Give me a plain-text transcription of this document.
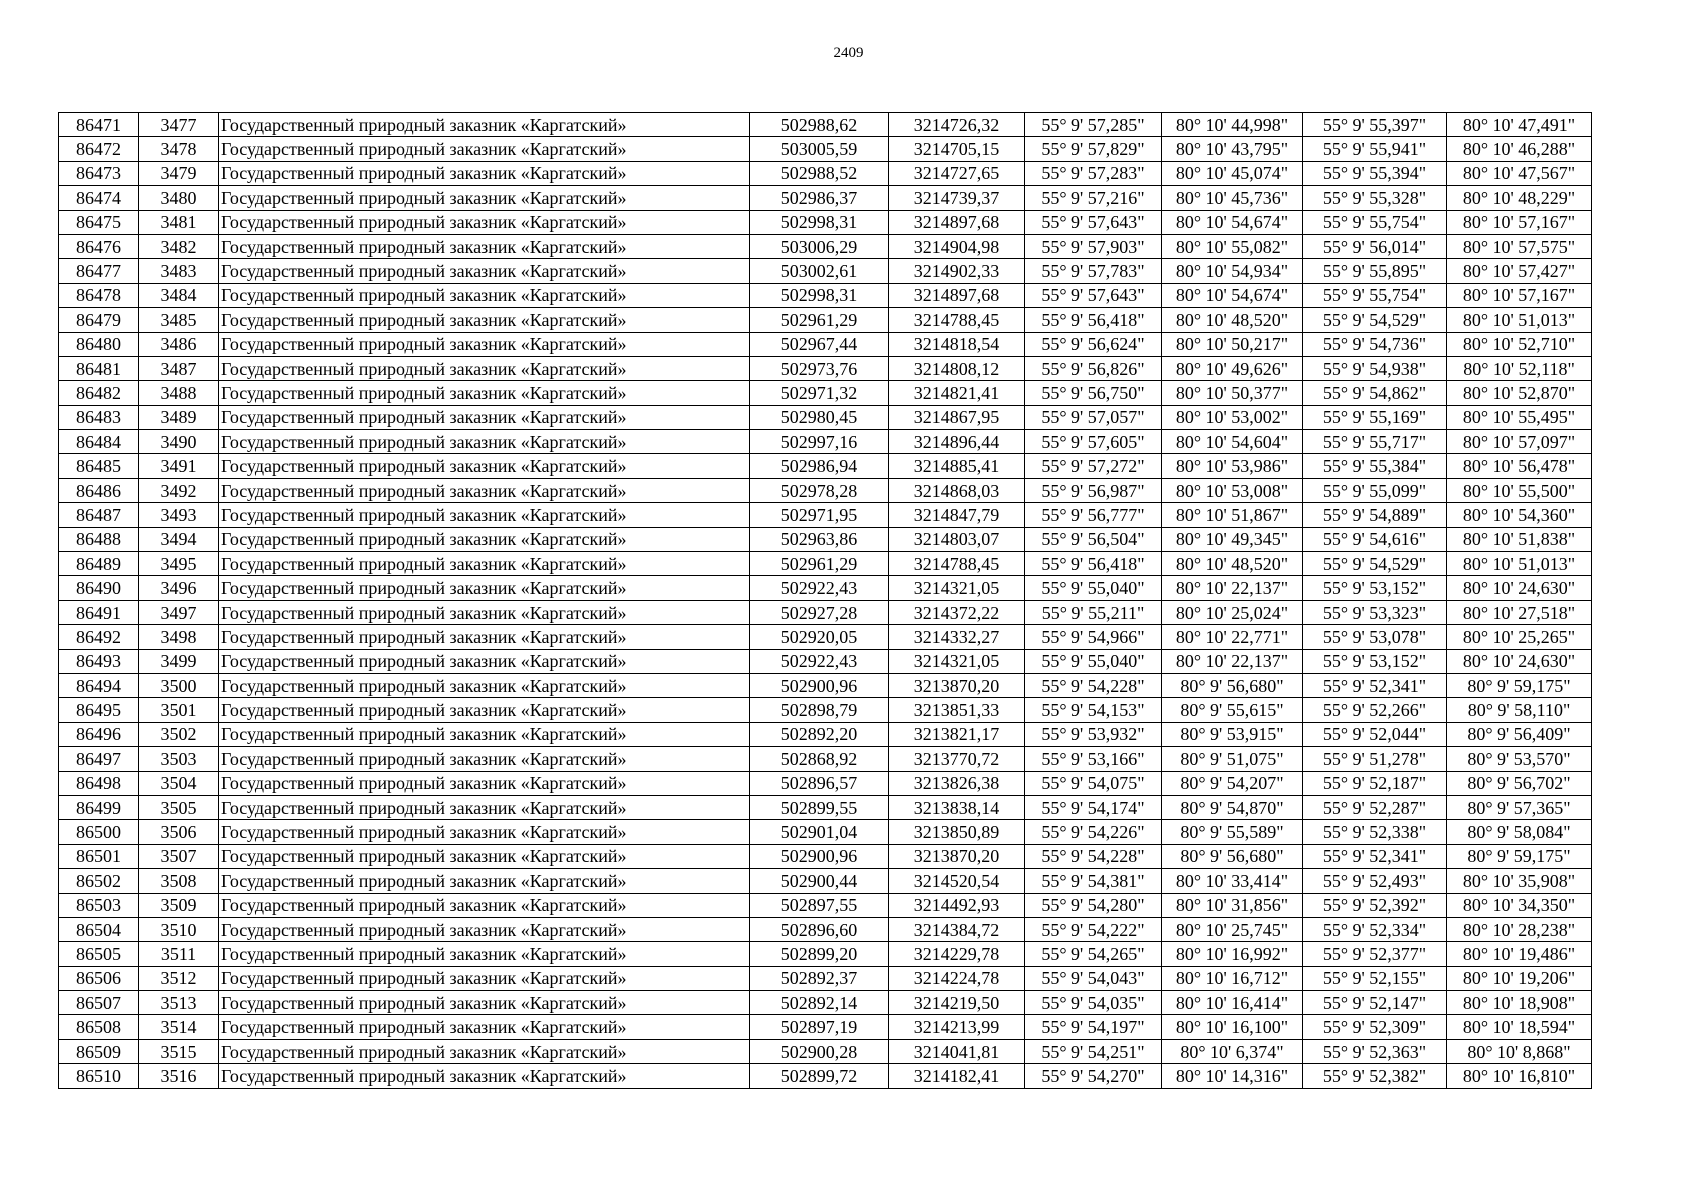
2409
86471	3477	Государственный природный заказник «Каргатский»	502988,62	3214726,32	55° 9' 57,285"	80° 10' 44,998"	55° 9' 55,397"	80° 10' 47,491"
86472	3478	Государственный природный заказник «Каргатский»	503005,59	3214705,15	55° 9' 57,829"	80° 10' 43,795"	55° 9' 55,941"	80° 10' 46,288"
86473	3479	Государственный природный заказник «Каргатский»	502988,52	3214727,65	55° 9' 57,283"	80° 10' 45,074"	55° 9' 55,394"	80° 10' 47,567"
86474	3480	Государственный природный заказник «Каргатский»	502986,37	3214739,37	55° 9' 57,216"	80° 10' 45,736"	55° 9' 55,328"	80° 10' 48,229"
86475	3481	Государственный природный заказник «Каргатский»	502998,31	3214897,68	55° 9' 57,643"	80° 10' 54,674"	55° 9' 55,754"	80° 10' 57,167"
86476	3482	Государственный природный заказник «Каргатский»	503006,29	3214904,98	55° 9' 57,903"	80° 10' 55,082"	55° 9' 56,014"	80° 10' 57,575"
86477	3483	Государственный природный заказник «Каргатский»	503002,61	3214902,33	55° 9' 57,783"	80° 10' 54,934"	55° 9' 55,895"	80° 10' 57,427"
86478	3484	Государственный природный заказник «Каргатский»	502998,31	3214897,68	55° 9' 57,643"	80° 10' 54,674"	55° 9' 55,754"	80° 10' 57,167"
86479	3485	Государственный природный заказник «Каргатский»	502961,29	3214788,45	55° 9' 56,418"	80° 10' 48,520"	55° 9' 54,529"	80° 10' 51,013"
86480	3486	Государственный природный заказник «Каргатский»	502967,44	3214818,54	55° 9' 56,624"	80° 10' 50,217"	55° 9' 54,736"	80° 10' 52,710"
86481	3487	Государственный природный заказник «Каргатский»	502973,76	3214808,12	55° 9' 56,826"	80° 10' 49,626"	55° 9' 54,938"	80° 10' 52,118"
86482	3488	Государственный природный заказник «Каргатский»	502971,32	3214821,41	55° 9' 56,750"	80° 10' 50,377"	55° 9' 54,862"	80° 10' 52,870"
86483	3489	Государственный природный заказник «Каргатский»	502980,45	3214867,95	55° 9' 57,057"	80° 10' 53,002"	55° 9' 55,169"	80° 10' 55,495"
86484	3490	Государственный природный заказник «Каргатский»	502997,16	3214896,44	55° 9' 57,605"	80° 10' 54,604"	55° 9' 55,717"	80° 10' 57,097"
86485	3491	Государственный природный заказник «Каргатский»	502986,94	3214885,41	55° 9' 57,272"	80° 10' 53,986"	55° 9' 55,384"	80° 10' 56,478"
86486	3492	Государственный природный заказник «Каргатский»	502978,28	3214868,03	55° 9' 56,987"	80° 10' 53,008"	55° 9' 55,099"	80° 10' 55,500"
86487	3493	Государственный природный заказник «Каргатский»	502971,95	3214847,79	55° 9' 56,777"	80° 10' 51,867"	55° 9' 54,889"	80° 10' 54,360"
86488	3494	Государственный природный заказник «Каргатский»	502963,86	3214803,07	55° 9' 56,504"	80° 10' 49,345"	55° 9' 54,616"	80° 10' 51,838"
86489	3495	Государственный природный заказник «Каргатский»	502961,29	3214788,45	55° 9' 56,418"	80° 10' 48,520"	55° 9' 54,529"	80° 10' 51,013"
86490	3496	Государственный природный заказник «Каргатский»	502922,43	3214321,05	55° 9' 55,040"	80° 10' 22,137"	55° 9' 53,152"	80° 10' 24,630"
86491	3497	Государственный природный заказник «Каргатский»	502927,28	3214372,22	55° 9' 55,211"	80° 10' 25,024"	55° 9' 53,323"	80° 10' 27,518"
86492	3498	Государственный природный заказник «Каргатский»	502920,05	3214332,27	55° 9' 54,966"	80° 10' 22,771"	55° 9' 53,078"	80° 10' 25,265"
86493	3499	Государственный природный заказник «Каргатский»	502922,43	3214321,05	55° 9' 55,040"	80° 10' 22,137"	55° 9' 53,152"	80° 10' 24,630"
86494	3500	Государственный природный заказник «Каргатский»	502900,96	3213870,20	55° 9' 54,228"	80° 9' 56,680"	55° 9' 52,341"	80° 9' 59,175"
86495	3501	Государственный природный заказник «Каргатский»	502898,79	3213851,33	55° 9' 54,153"	80° 9' 55,615"	55° 9' 52,266"	80° 9' 58,110"
86496	3502	Государственный природный заказник «Каргатский»	502892,20	3213821,17	55° 9' 53,932"	80° 9' 53,915"	55° 9' 52,044"	80° 9' 56,409"
86497	3503	Государственный природный заказник «Каргатский»	502868,92	3213770,72	55° 9' 53,166"	80° 9' 51,075"	55° 9' 51,278"	80° 9' 53,570"
86498	3504	Государственный природный заказник «Каргатский»	502896,57	3213826,38	55° 9' 54,075"	80° 9' 54,207"	55° 9' 52,187"	80° 9' 56,702"
86499	3505	Государственный природный заказник «Каргатский»	502899,55	3213838,14	55° 9' 54,174"	80° 9' 54,870"	55° 9' 52,287"	80° 9' 57,365"
86500	3506	Государственный природный заказник «Каргатский»	502901,04	3213850,89	55° 9' 54,226"	80° 9' 55,589"	55° 9' 52,338"	80° 9' 58,084"
86501	3507	Государственный природный заказник «Каргатский»	502900,96	3213870,20	55° 9' 54,228"	80° 9' 56,680"	55° 9' 52,341"	80° 9' 59,175"
86502	3508	Государственный природный заказник «Каргатский»	502900,44	3214520,54	55° 9' 54,381"	80° 10' 33,414"	55° 9' 52,493"	80° 10' 35,908"
86503	3509	Государственный природный заказник «Каргатский»	502897,55	3214492,93	55° 9' 54,280"	80° 10' 31,856"	55° 9' 52,392"	80° 10' 34,350"
86504	3510	Государственный природный заказник «Каргатский»	502896,60	3214384,72	55° 9' 54,222"	80° 10' 25,745"	55° 9' 52,334"	80° 10' 28,238"
86505	3511	Государственный природный заказник «Каргатский»	502899,20	3214229,78	55° 9' 54,265"	80° 10' 16,992"	55° 9' 52,377"	80° 10' 19,486"
86506	3512	Государственный природный заказник «Каргатский»	502892,37	3214224,78	55° 9' 54,043"	80° 10' 16,712"	55° 9' 52,155"	80° 10' 19,206"
86507	3513	Государственный природный заказник «Каргатский»	502892,14	3214219,50	55° 9' 54,035"	80° 10' 16,414"	55° 9' 52,147"	80° 10' 18,908"
86508	3514	Государственный природный заказник «Каргатский»	502897,19	3214213,99	55° 9' 54,197"	80° 10' 16,100"	55° 9' 52,309"	80° 10' 18,594"
86509	3515	Государственный природный заказник «Каргатский»	502900,28	3214041,81	55° 9' 54,251"	80° 10' 6,374"	55° 9' 52,363"	80° 10' 8,868"
86510	3516	Государственный природный заказник «Каргатский»	502899,72	3214182,41	55° 9' 54,270"	80° 10' 14,316"	55° 9' 52,382"	80° 10' 16,810"
